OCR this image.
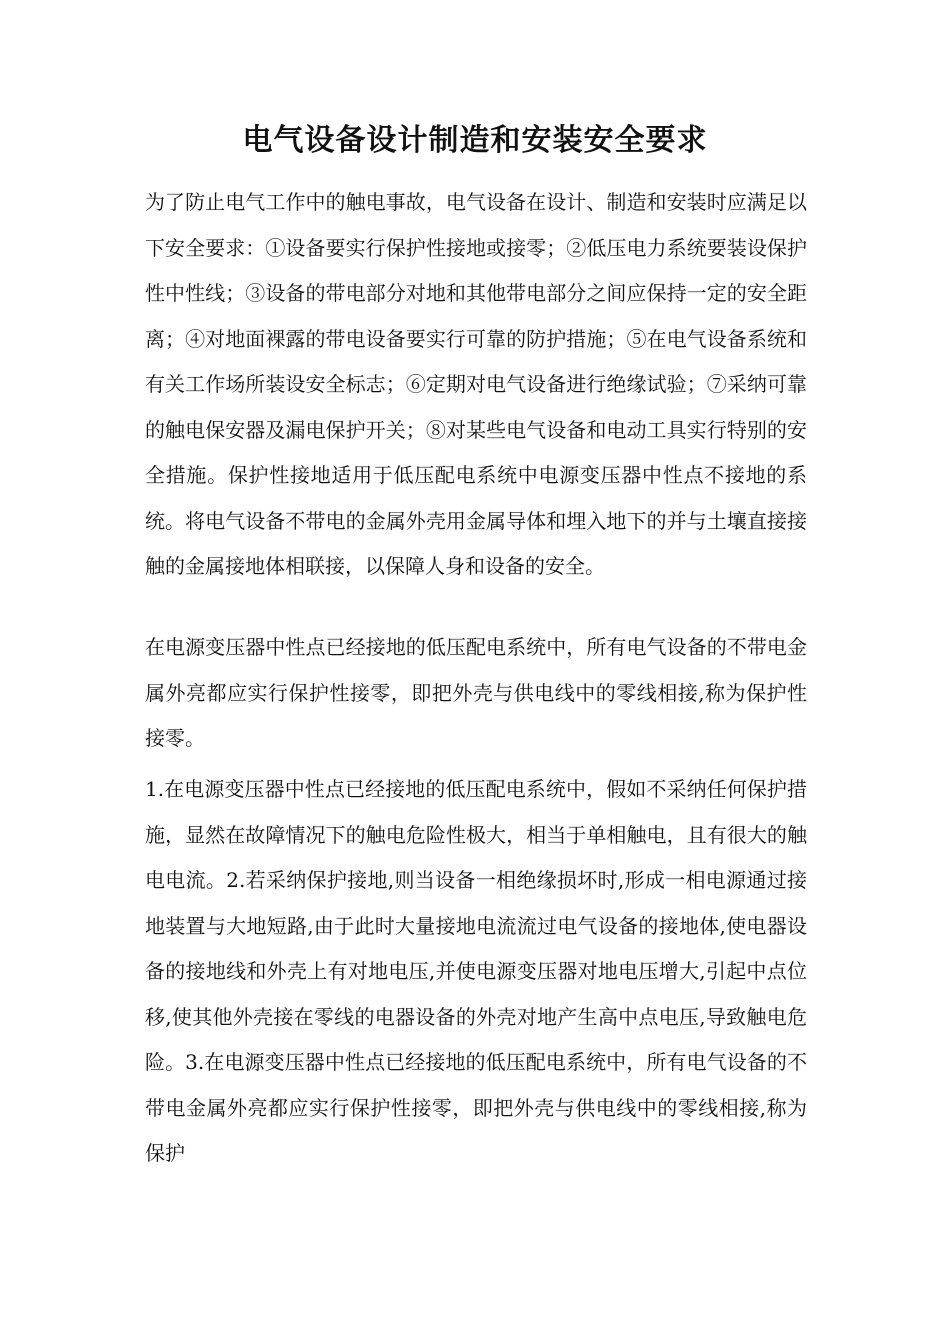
电气设备设计制造和安装安全要求

为了防止电气工作中的触电事故，电气设备在设计、制造和安装时应满足以下安全要求：①设备要实行保护性接地或接零；②低压电力系统要装设保护性中性线；③设备的带电部分对地和其他带电部分之间应保持一定的安全距离；④对地面裸露的带电设备要实行可靠的防护措施；⑤在电气设备系统和有关工作场所装设安全标志；⑥定期对电气设备进行绝缘试验；⑦采纳可靠的触电保安器及漏电保护开关；⑧对某些电气设备和电动工具实行特别的安全措施。保护性接地适用于低压配电系统中电源变压器中性点不接地的系统。将电气设备不带电的金属外壳用金属导体和埋入地下的并与土壤直接接触的金属接地体相联接，以保障人身和设备的安全。

在电源变压器中性点已经接地的低压配电系统中，所有电气设备的不带电金属外亮都应实行保护性接零，即把外壳与供电线中的零线相接,称为保护性接零。

1.在电源变压器中性点已经接地的低压配电系统中，假如不采纳任何保护措施，显然在故障情况下的触电危险性极大，相当于单相触电，且有很大的触电电流。2.若采纳保护接地,则当设备一相绝缘损坏时,形成一相电源通过接地装置与大地短路,由于此时大量接地电流流过电气设备的接地体,使电器设备的接地线和外壳上有对地电压,并使电源变压器对地电压增大,引起中点位移,使其他外壳接在零线的电器设备的外壳对地产生高中点电压,导致触电危险。3.在电源变压器中性点已经接地的低压配电系统中，所有电气设备的不带电金属外亮都应实行保护性接零，即把外壳与供电线中的零线相接,称为保护
